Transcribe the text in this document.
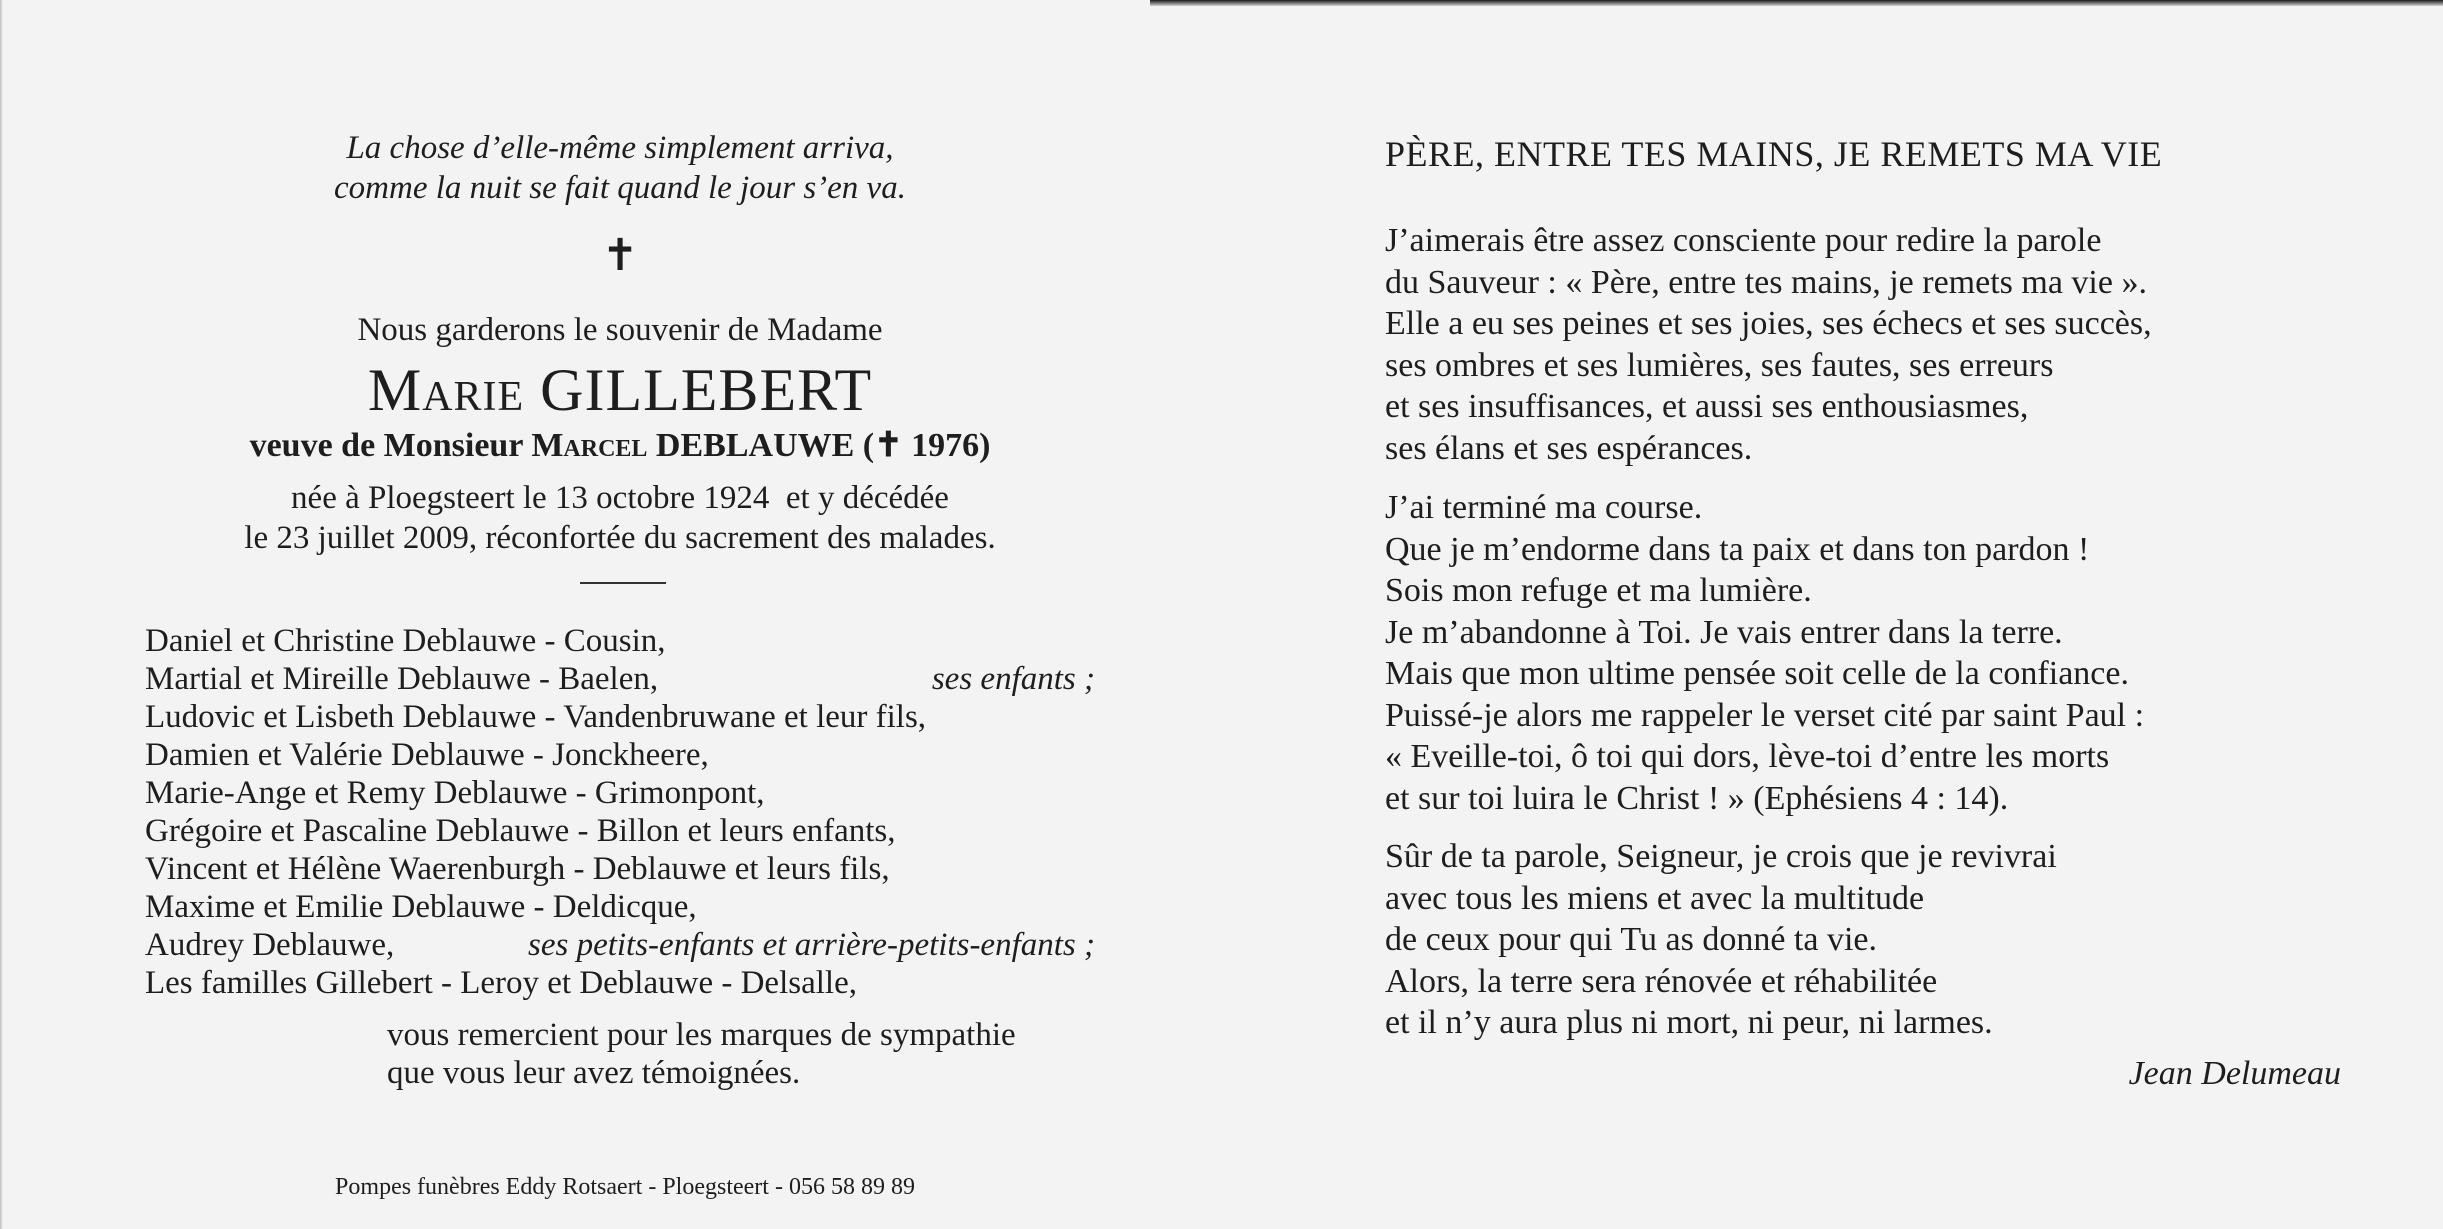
La chose d’elle-même simplement arriva,
comme la nuit se fait quand le jour s’en va.
✝
Nous garderons le souvenir de Madame
Marie GILLEBERT
veuve de Monsieur Marcel DEBLAUWE (✝ 1976)
née à Ploegsteert le 13 octobre 1924  et y décédée
le 23 juillet 2009, réconfortée du sacrement des malades.
Daniel et Christine Deblauwe - Cousin,
Martial et Mireille Deblauwe - Baelen,	ses enfants ;
Ludovic et Lisbeth Deblauwe - Vandenbruwane et leur fils,
Damien et Valérie Deblauwe - Jonckheere,
Marie-Ange et Remy Deblauwe - Grimonpont,
Grégoire et Pascaline Deblauwe - Billon et leurs enfants,
Vincent et Hélène Waerenburgh - Deblauwe et leurs fils,
Maxime et Emilie Deblauwe - Deldicque,
Audrey Deblauwe,	ses petits-enfants et arrière-petits-enfants ;
Les familles Gillebert - Leroy et Deblauwe - Delsalle,
vous remercient pour les marques de sympathie
que vous leur avez témoignées.
Pompes funèbres Eddy Rotsaert - Ploegsteert - 056 58 89 89
PÈRE, ENTRE TES MAINS, JE REMETS MA VIE
J’aimerais être assez consciente pour redire la parole
du Sauveur : « Père, entre tes mains, je remets ma vie ».
Elle a eu ses peines et ses joies, ses échecs et ses succès,
ses ombres et ses lumières, ses fautes, ses erreurs
et ses insuffisances, et aussi ses enthousiasmes,
ses élans et ses espérances.
J’ai terminé ma course.
Que je m’endorme dans ta paix et dans ton pardon !
Sois mon refuge et ma lumière.
Je m’abandonne à Toi. Je vais entrer dans la terre.
Mais que mon ultime pensée soit celle de la confiance.
Puissé-je alors me rappeler le verset cité par saint Paul :
« Eveille-toi, ô toi qui dors, lève-toi d’entre les morts
et sur toi luira le Christ ! » (Ephésiens 4 : 14).
Sûr de ta parole, Seigneur, je crois que je revivrai
avec tous les miens et avec la multitude
de ceux pour qui Tu as donné ta vie.
Alors, la terre sera rénovée et réhabilitée
et il n’y aura plus ni mort, ni peur, ni larmes.
Jean Delumeau
